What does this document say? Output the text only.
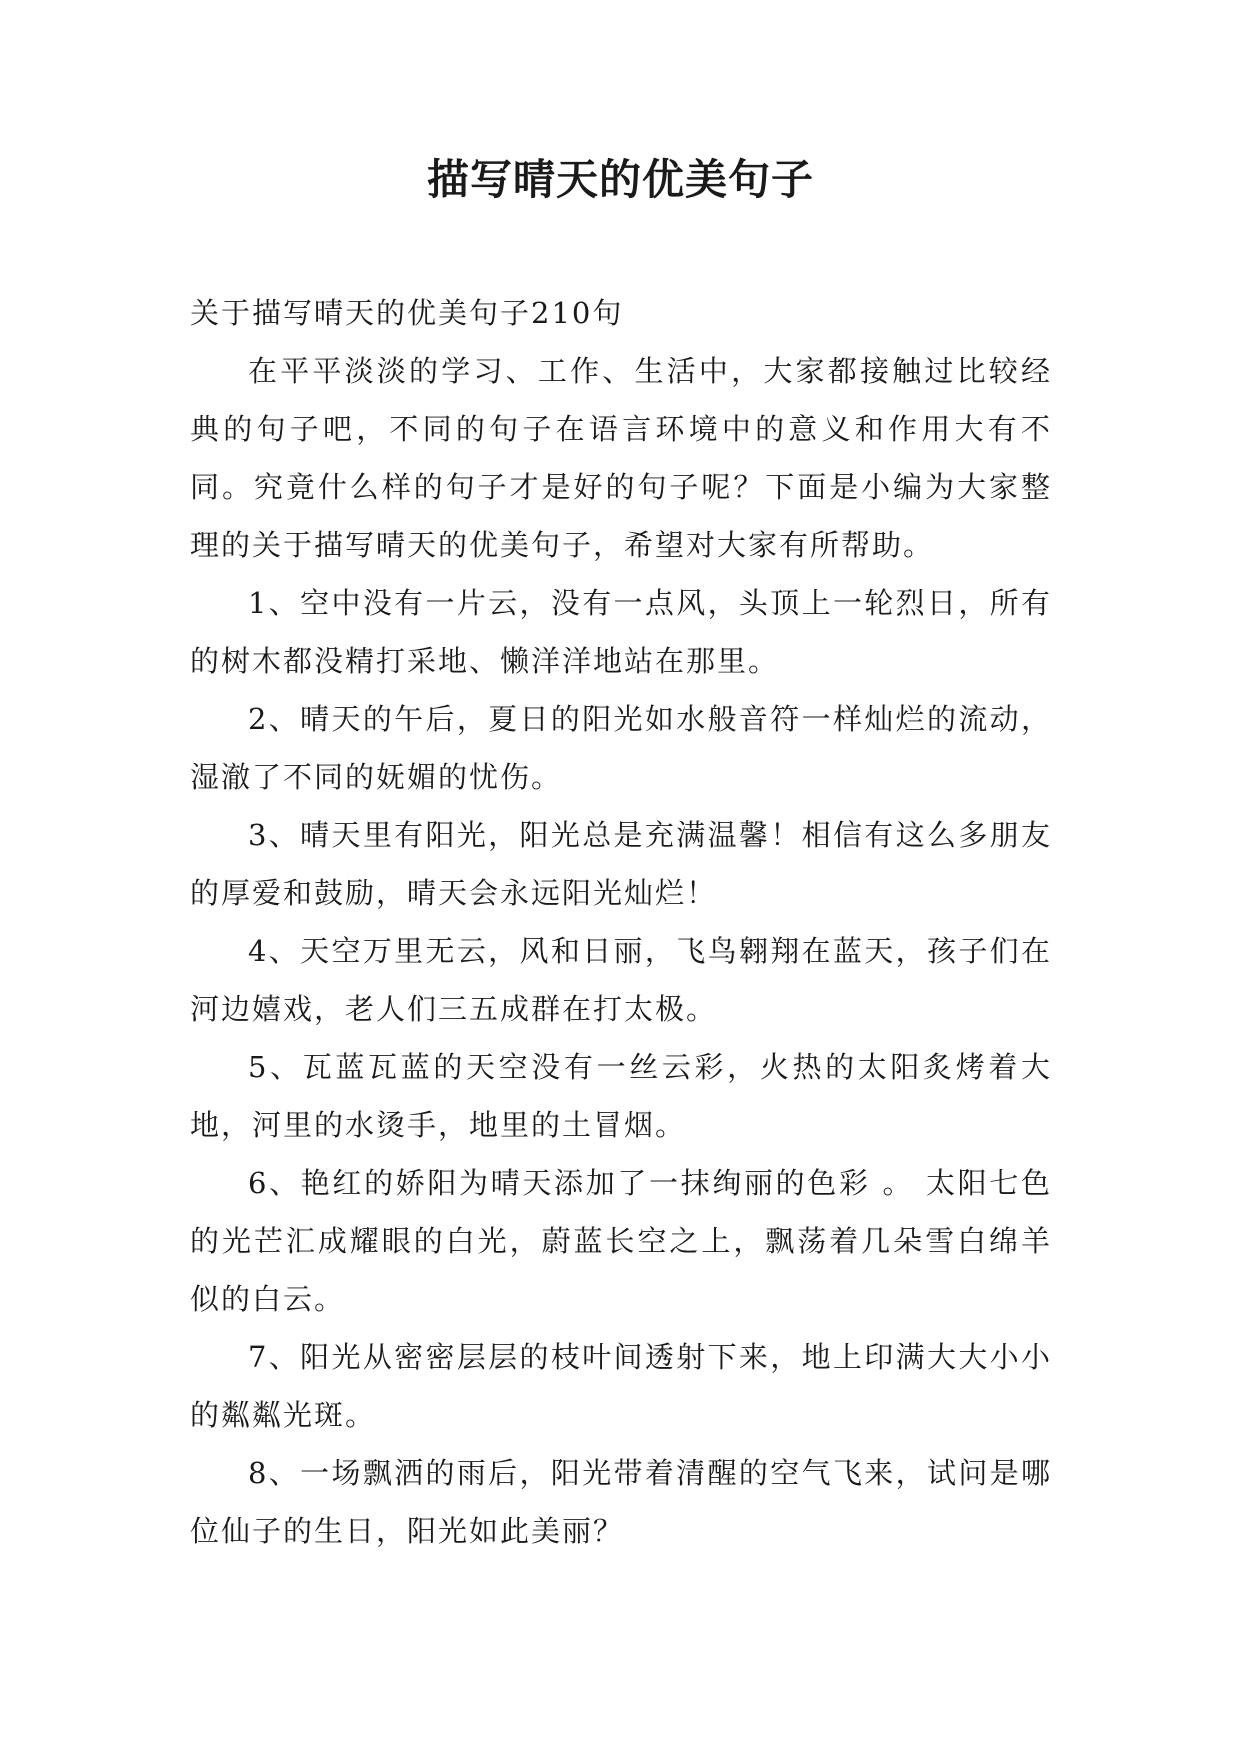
描写晴天的优美句子

关于描写晴天的优美句子210句

在平平淡淡的学习、工作、生活中，大家都接触过比较经典的句子吧，不同的句子在语言环境中的意义和作用大有不同。究竟什么样的句子才是好的句子呢？下面是小编为大家整理的关于描写晴天的优美句子，希望对大家有所帮助。

1、空中没有一片云，没有一点风，头顶上一轮烈日，所有的树木都没精打采地、懒洋洋地站在那里。

2、晴天的午后，夏日的阳光如水般音符一样灿烂的流动，湿澈了不同的妩媚的忧伤。

3、晴天里有阳光，阳光总是充满温馨！相信有这么多朋友的厚爱和鼓励，晴天会永远阳光灿烂！

4、天空万里无云，风和日丽，飞鸟翱翔在蓝天，孩子们在河边嬉戏，老人们三五成群在打太极。

5、瓦蓝瓦蓝的天空没有一丝云彩，火热的太阳炙烤着大地，河里的水烫手，地里的土冒烟。

6、艳红的娇阳为晴天添加了一抹绚丽的色彩 。 太阳七色的光芒汇成耀眼的白光，蔚蓝长空之上，飘荡着几朵雪白绵羊似的白云。

7、阳光从密密层层的枝叶间透射下来，地上印满大大小小的粼粼光斑。

8、一场飘洒的雨后，阳光带着清醒的空气飞来，试问是哪位仙子的生日，阳光如此美丽？
